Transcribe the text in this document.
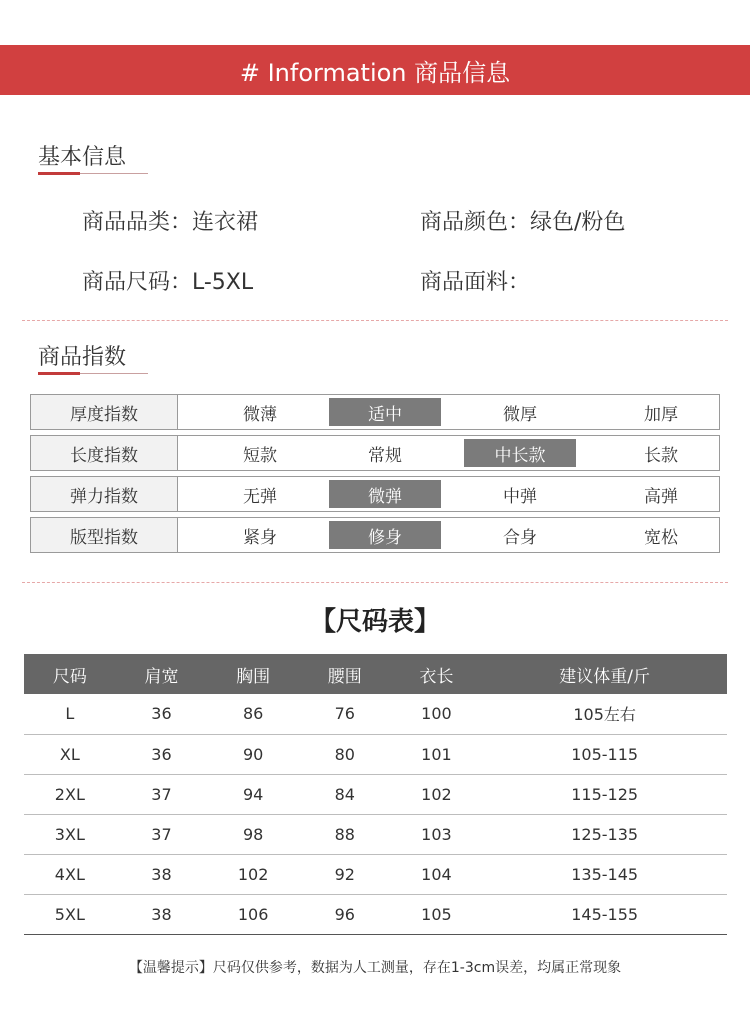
# Information 商品信息
基本信息
商品品类：连衣裙	商品颜色：绿色/粉色
商品尺码：L-5XL	商品面料：
商品指数
厚度指数	微薄	适中	微厚	加厚
长度指数	短款	常规	中长款	长款
弹力指数	无弹	微弹	中弹	高弹
版型指数	紧身	修身	合身	宽松
【尺码表】
尺码	肩宽	胸围	腰围	衣长	建议体重/斤
L	36	86	76	100	105左右
XL	36	90	80	101	105-115
2XL	37	94	84	102	115-125
3XL	37	98	88	103	125-135
4XL	38	102	92	104	135-145
5XL	38	106	96	105	145-155
【温馨提示】尺码仅供参考，数据为人工测量，存在1-3cm误差，均属正常现象
